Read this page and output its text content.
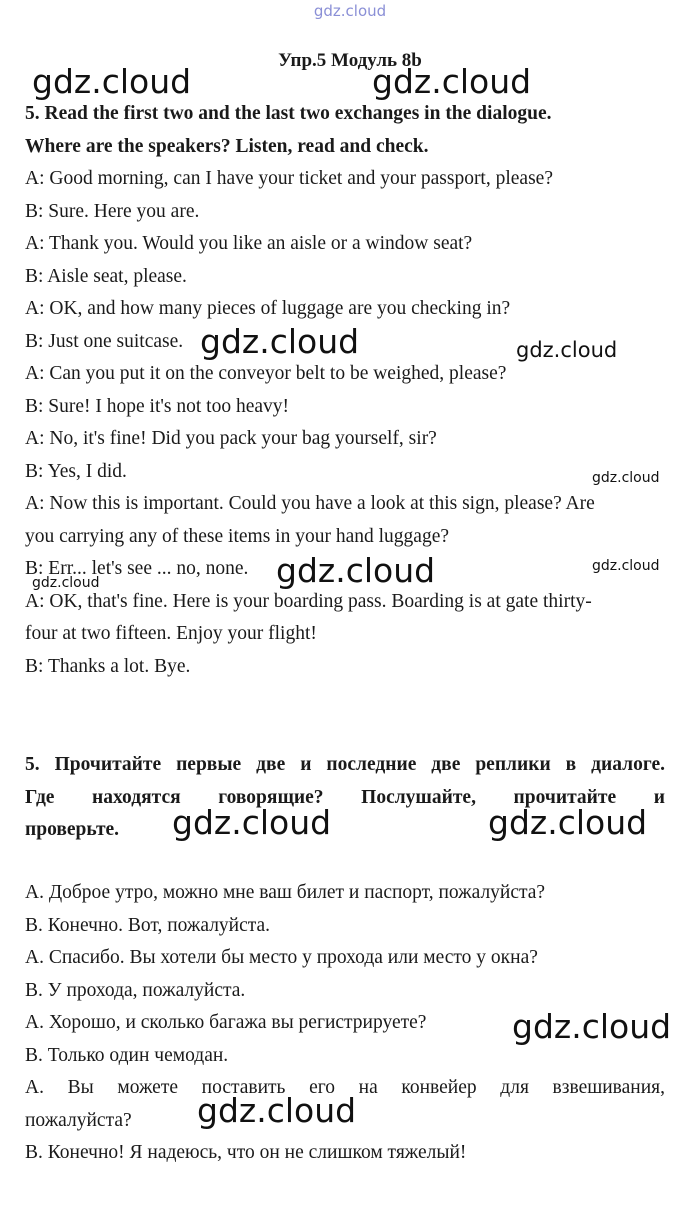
gdz.cloud
Упр.5 Модуль 8b

5. Read the first two and the last two exchanges in the dialogue.

Where are the speakers? Listen, read and check.

A: Good morning, can I have your ticket and your passport, please?

B: Sure. Here you are.

A: Thank you. Would you like an aisle or a window seat?

B: Aisle seat, please.

A: OK, and how many pieces of luggage are you checking in?

B: Just one suitcase.

A: Can you put it on the conveyor belt to be weighed, please?

B: Sure! I hope it's not too heavy!

A: No, it's fine! Did you pack your bag yourself, sir?

B: Yes, I did.

A: Now this is important. Could you have a look at this sign, please? Are

you carrying any of these items in your hand luggage?

B: Err... let's see ... no, none.

A: OK, that's fine. Here is your boarding pass. Boarding is at gate thirty-

four at two fifteen. Enjoy your flight!

B: Thanks a lot. Bye.

5. Прочитайте первые две и последние две реплики в диалоге.

Где находятся говорящие? Послушайте, прочитайте и

проверьте.

А. Доброе утро, можно мне ваш билет и паспорт, пожалуйста?

В. Конечно. Вот, пожалуйста.

А. Спасибо. Вы хотели бы место у прохода или место у окна?

В. У прохода, пожалуйста.

А. Хорошо, и сколько багажа вы регистрируете?

В. Только один чемодан.

А. Вы можете поставить его на конвейер для взвешивания,

пожалуйста?

В. Конечно! Я надеюсь, что он не слишком тяжелый!

gdz.cloud	gdz.cloud
gdz.cloud	gdz.cloud
gdz.cloud
gdz.cloud	gdz.cloud
gdz.cloud
gdz.cloud	gdz.cloud
gdz.cloud
gdz.cloud
